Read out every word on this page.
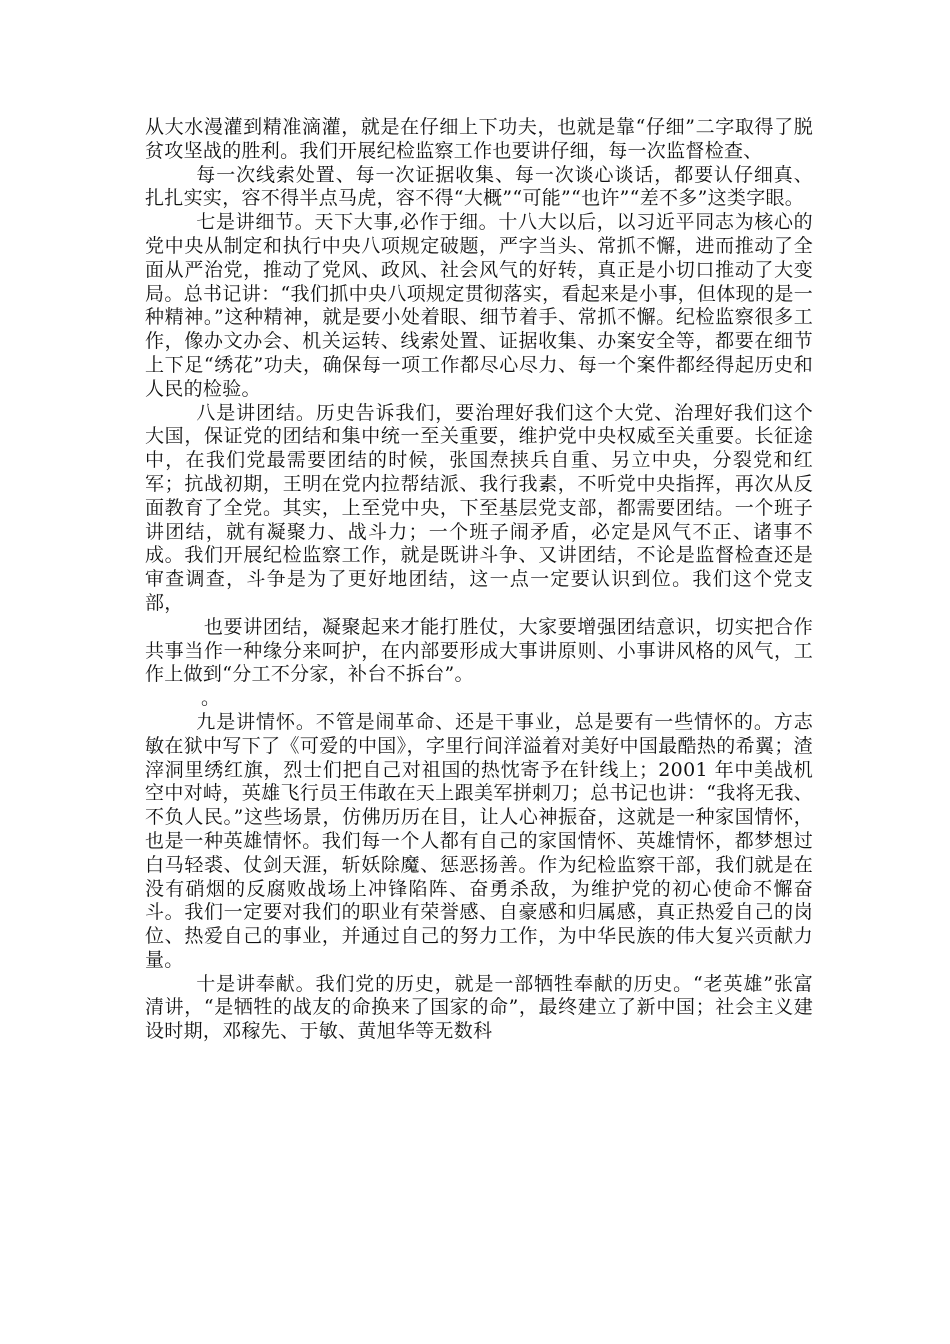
从大水漫灌到精准滴灌，就是在仔细上下功夫，也就是靠“仔细”二字取得了脱贫攻坚战的胜利。我们开展纪检监察工作也要讲仔细，每一次监督检查、

每一次线索处置、每一次证据收集、每一次谈心谈话，都要认仔细真、扎扎实实，容不得半点马虎，容不得“大概”“可能”“也许”“差不多”这类字眼。

七是讲细节。天下大事,必作于细。十八大以后，以习近平同志为核心的党中央从制定和执行中央八项规定破题，严字当头、常抓不懈，进而推动了全面从严治党，推动了党风、政风、社会风气的好转，真正是小切口推动了大变局。总书记讲：“我们抓中央八项规定贯彻落实，看起来是小事，但体现的是一种精神。”这种精神，就是要小处着眼、细节着手、常抓不懈。纪检监察很多工作，像办文办会、机关运转、线索处置、证据收集、办案安全等，都要在细节上下足“绣花”功夫，确保每一项工作都尽心尽力、每一个案件都经得起历史和人民的检验。

八是讲团结。历史告诉我们，要治理好我们这个大党、治理好我们这个大国，保证党的团结和集中统一至关重要，维护党中央权威至关重要。长征途中，在我们党最需要团结的时候，张国焘挟兵自重、另立中央，分裂党和红军；抗战初期，王明在党内拉帮结派、我行我素，不听党中央指挥，再次从反面教育了全党。其实，上至党中央，下至基层党支部，都需要团结。一个班子讲团结，就有凝聚力、战斗力；一个班子闹矛盾，必定是风气不正、诸事不成。我们开展纪检监察工作，就是既讲斗争、又讲团结，不论是监督检查还是审查调查，斗争是为了更好地团结，这一点一定要认识到位。我们这个党支部，

也要讲团结，凝聚起来才能打胜仗，大家要增强团结意识，切实把合作共事当作一种缘分来呵护，在内部要形成大事讲原则、小事讲风格的风气，工作上做到“分工不分家，补台不拆台”。

。

九是讲情怀。不管是闹革命、还是干事业，总是要有一些情怀的。方志敏在狱中写下了《可爱的中国》，字里行间洋溢着对美好中国最酷热的希翼；渣滓洞里绣红旗，烈士们把自己对祖国的热忱寄予在针线上；2001 年中美战机空中对峙，英雄飞行员王伟敢在天上跟美军拼刺刀；总书记也讲：“我将无我、不负人民。”这些场景，仿佛历历在目，让人心神振奋，这就是一种家国情怀，也是一种英雄情怀。我们每一个人都有自己的家国情怀、英雄情怀，都梦想过白马轻裘、仗剑天涯，斩妖除魔、惩恶扬善。作为纪检监察干部，我们就是在没有硝烟的反腐败战场上冲锋陷阵、奋勇杀敌，为维护党的初心使命不懈奋斗。我们一定要对我们的职业有荣誉感、自豪感和归属感，真正热爱自己的岗位、热爱自己的事业，并通过自己的努力工作，为中华民族的伟大复兴贡献力量。

十是讲奉献。我们党的历史，就是一部牺牲奉献的历史。“老英雄”张富清讲，“是牺牲的战友的命换来了国家的命”，最终建立了新中国；社会主义建设时期，邓稼先、于敏、黄旭华等无数科
